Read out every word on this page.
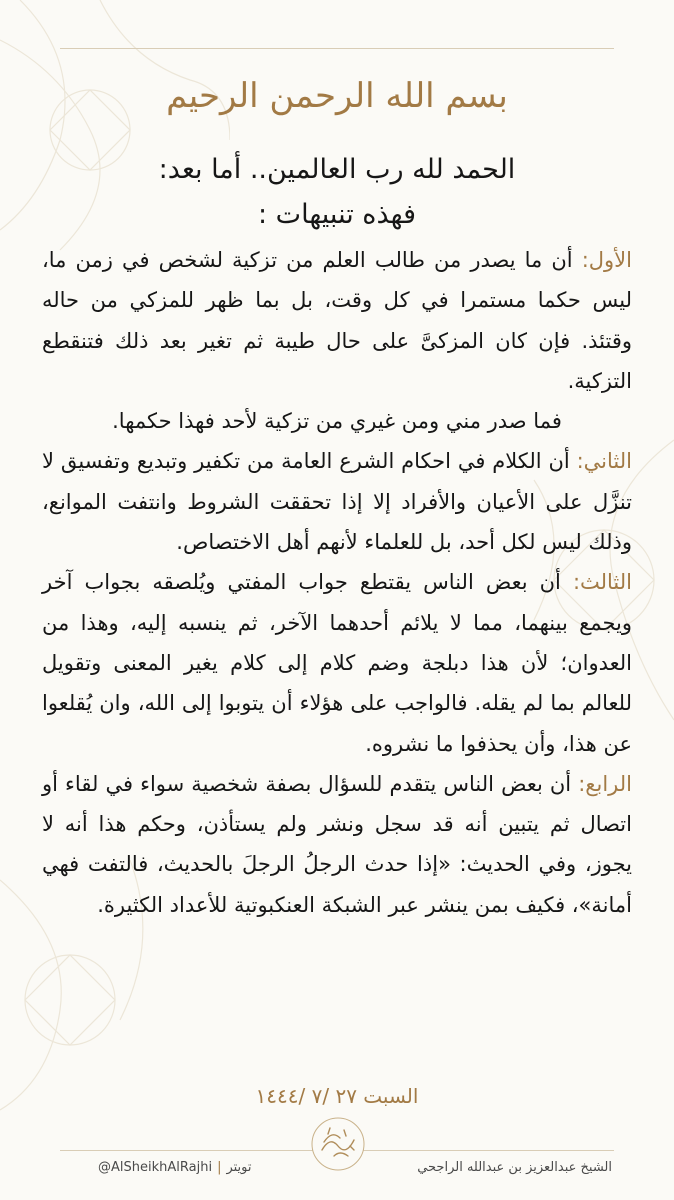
بسم الله الرحمن الرحيم
الحمد لله رب العالمين.. أما بعد:
فهذه تنبيهات :

الأول: أن ما يصدر من طالب العلم من تزكية لشخص في زمن ما، ليس حكما مستمرا في كل وقت، بل بما ظهر للمزكي من حاله وقتئذ. فإن كان المزكىَّ على حال طيبة ثم تغير بعد ذلك فتنقطع التزكية.

فما صدر مني ومن غيري من تزكية لأحد فهذا حكمها.

الثاني: أن الكلام في احكام الشرع العامة من تكفير وتبديع وتفسيق لا تنزَّل على الأعيان والأفراد إلا إذا تحققت الشروط وانتفت الموانع، وذلك ليس لكل أحد، بل للعلماء لأنهم أهل الاختصاص.

الثالث: أن بعض الناس يقتطع جواب المفتي ويُلصقه بجواب آخر ويجمع بينهما، مما لا يلائم أحدهما الآخر، ثم ينسبه إليه، وهذا من العدوان؛ لأن هذا دبلجة وضم كلام إلى كلام يغير المعنى وتقويل للعالم بما لم يقله. فالواجب على هؤلاء أن يتوبوا إلى الله، وان يُقلعوا عن هذا، وأن يحذفوا ما نشروه.

الرابع: أن بعض الناس يتقدم للسؤال بصفة شخصية سواء في لقاء أو اتصال ثم يتبين أنه قد سجل ونشر ولم يستأذن، وحكم هذا أنه لا يجوز، وفي الحديث: «إذا حدث الرجلُ الرجلَ بالحديث، فالتفت فهي أمانة»، فكيف بمن ينشر عبر الشبكة العنكبوتية للأعداد الكثيرة.

السبت ٢٧ /٧ /١٤٤٤
تويتر|@AlSheikhAlRajhi	الشيخ عبدالعزيز بن عبدالله الراجحي
